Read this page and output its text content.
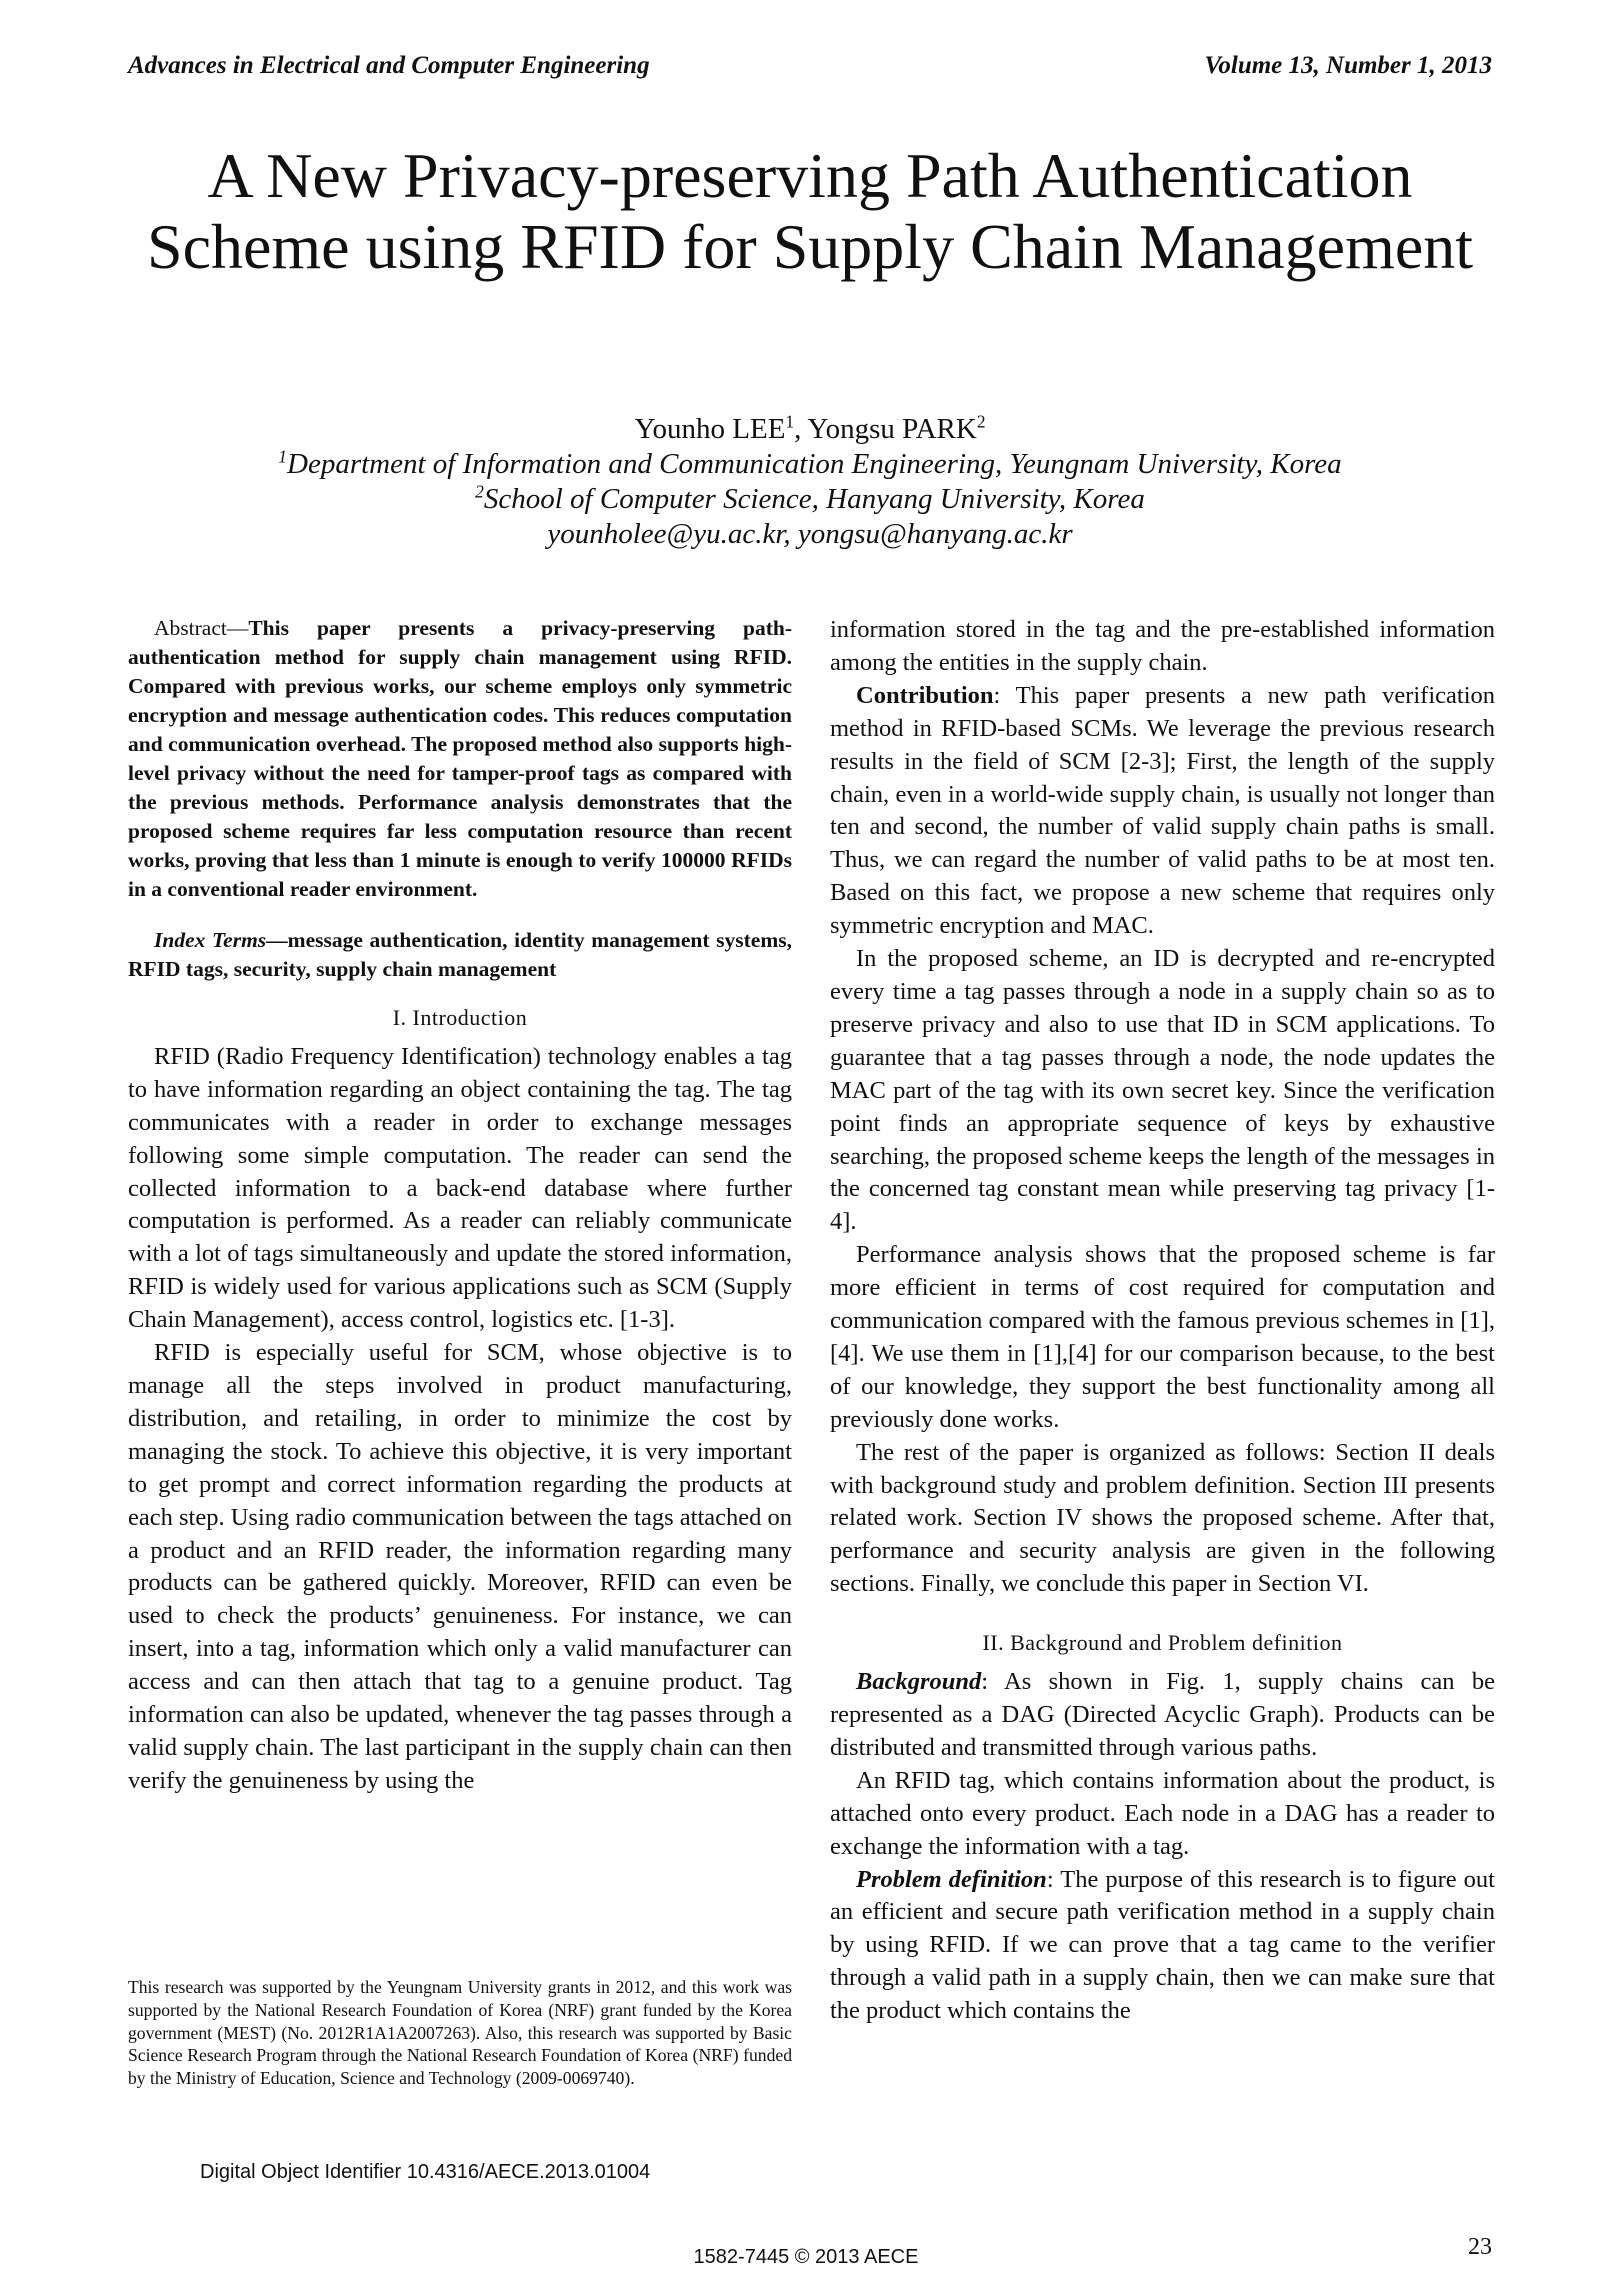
Advances in Electrical and Computer Engineering	Volume 13, Number 1, 2013
A New Privacy-preserving Path Authentication Scheme using RFID for Supply Chain Management
Younho LEE$^1$, Yongsu PARK$^2$
$^1$Department of Information and Communication Engineering, Yeungnam University, Korea
$^2$School of Computer Science, Hanyang University, Korea
younholee@yu.ac.kr, yongsu@hanyang.ac.kr

Abstract—This paper presents a privacy-preserving path-authentication method for supply chain management using RFID. Compared with previous works, our scheme employs only symmetric encryption and message authentication codes. This reduces computation and communication overhead. The proposed method also supports high-level privacy without the need for tamper-proof tags as compared with the previous methods. Performance analysis demonstrates that the proposed scheme requires far less computation resource than recent works, proving that less than 1 minute is enough to verify 100000 RFIDs in a conventional reader environment.

Index Terms—message authentication, identity management systems, RFID tags, security, supply chain management

I. Introduction

RFID (Radio Frequency Identification) technology enables a tag to have information regarding an object containing the tag. The tag communicates with a reader in order to exchange messages following some simple computation. The reader can send the collected information to a back-end database where further computation is performed. As a reader can reliably communicate with a lot of tags simultaneously and update the stored information, RFID is widely used for various applications such as SCM (Supply Chain Management), access control, logistics etc. [1-3].

RFID is especially useful for SCM, whose objective is to manage all the steps involved in product manufacturing, distribution, and retailing, in order to minimize the cost by managing the stock. To achieve this objective, it is very important to get prompt and correct information regarding the products at each step. Using radio communication between the tags attached on a product and an RFID reader, the information regarding many products can be gathered quickly. Moreover, RFID can even be used to check the products’ genuineness. For instance, we can insert, into a tag, information which only a valid manufacturer can access and can then attach that tag to a genuine product. Tag information can also be updated, whenever the tag passes through a valid supply chain. The last participant in the supply chain can then verify the genuineness by using the

information stored in the tag and the pre-established information among the entities in the supply chain.

Contribution: This paper presents a new path verification method in RFID-based SCMs. We leverage the previous research results in the field of SCM [2-3]; First, the length of the supply chain, even in a world-wide supply chain, is usually not longer than ten and second, the number of valid supply chain paths is small. Thus, we can regard the number of valid paths to be at most ten. Based on this fact, we propose a new scheme that requires only symmetric encryption and MAC.

In the proposed scheme, an ID is decrypted and re-encrypted every time a tag passes through a node in a supply chain so as to preserve privacy and also to use that ID in SCM applications. To guarantee that a tag passes through a node, the node updates the MAC part of the tag with its own secret key. Since the verification point finds an appropriate sequence of keys by exhaustive searching, the proposed scheme keeps the length of the messages in the concerned tag constant mean while preserving tag privacy [1-4].

Performance analysis shows that the proposed scheme is far more efficient in terms of cost required for computation and communication compared with the famous previous schemes in [1],[4]. We use them in [1],[4] for our comparison because, to the best of our knowledge, they support the best functionality among all previously done works.

The rest of the paper is organized as follows: Section II deals with background study and problem definition. Section III presents related work. Section IV shows the proposed scheme. After that, performance and security analysis are given in the following sections. Finally, we conclude this paper in Section VI.

II. Background and Problem definition

Background: As shown in Fig. 1, supply chains can be represented as a DAG (Directed Acyclic Graph). Products can be distributed and transmitted through various paths.

An RFID tag, which contains information about the product, is attached onto every product. Each node in a DAG has a reader to exchange the information with a tag.

Problem definition: The purpose of this research is to figure out an efficient and secure path verification method in a supply chain by using RFID. If we can prove that a tag came to the verifier through a valid path in a supply chain, then we can make sure that the product which contains the

This research was supported by the Yeungnam University grants in 2012, and this work was supported by the National Research Foundation of Korea (NRF) grant funded by the Korea government (MEST) (No. 2012R1A1A2007263). Also, this research was supported by Basic Science Research Program through the National Research Foundation of Korea (NRF) funded by the Ministry of Education, Science and Technology (2009-0069740).
Digital Object Identifier 10.4316/AECE.2013.01004
23
1582-7445 © 2013 AECE
